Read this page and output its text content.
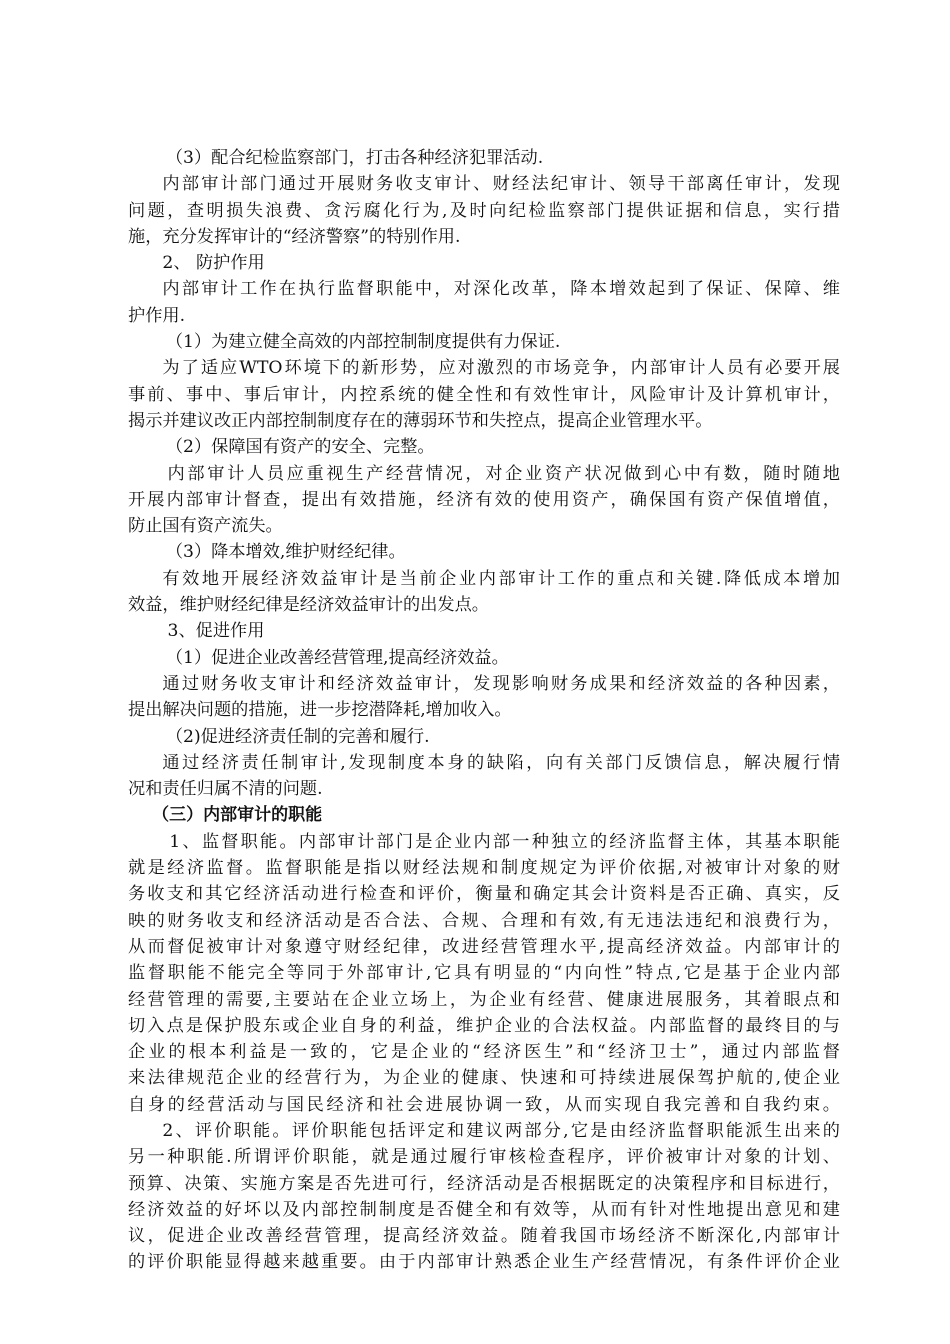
（3）配合纪检监察部门，打击各种经济犯罪活动.
内部审计部门通过开展财务收支审计、财经法纪审计、领导干部离任审计，发现
问题，查明损失浪费、贪污腐化行为,及时向纪检监察部门提供证据和信息，实行措
施，充分发挥审计的“经济警察”的特别作用.
2、 防护作用
内部审计工作在执行监督职能中，对深化改革，降本增效起到了保证、保障、维
护作用.
（1）为建立健全高效的内部控制制度提供有力保证.
为了适应WTO环境下的新形势，应对激烈的市场竞争，内部审计人员有必要开展
事前、事中、事后审计，内控系统的健全性和有效性审计，风险审计及计算机审计，
揭示并建议改正内部控制制度存在的薄弱环节和失控点，提高企业管理水平。
（2）保障国有资产的安全、完整。
内部审计人员应重视生产经营情况，对企业资产状况做到心中有数，随时随地
开展内部审计督查，提出有效措施，经济有效的使用资产，确保国有资产保值增值，
防止国有资产流失。
（3）降本增效,维护财经纪律。
有效地开展经济效益审计是当前企业内部审计工作的重点和关键.降低成本增加
效益，维护财经纪律是经济效益审计的出发点。
3、促进作用
（1）促进企业改善经营管理,提高经济效益。
通过财务收支审计和经济效益审计，发现影响财务成果和经济效益的各种因素，
提出解决问题的措施，进一步挖潜降耗,增加收入。
（2)促进经济责任制的完善和履行.
通过经济责任制审计,发现制度本身的缺陷，向有关部门反馈信息，解决履行情
况和责任归属不清的问题.
（三）内部审计的职能
1、监督职能。内部审计部门是企业内部一种独立的经济监督主体，其基本职能
就是经济监督。监督职能是指以财经法规和制度规定为评价依据,对被审计对象的财
务收支和其它经济活动进行检查和评价，衡量和确定其会计资料是否正确、真实，反
映的财务收支和经济活动是否合法、合规、合理和有效,有无违法违纪和浪费行为，
从而督促被审计对象遵守财经纪律，改进经营管理水平,提高经济效益。内部审计的
监督职能不能完全等同于外部审计,它具有明显的“内向性”特点,它是基于企业内部
经营管理的需要,主要站在企业立场上，为企业有经营、健康进展服务，其着眼点和
切入点是保护股东或企业自身的利益，维护企业的合法权益。内部监督的最终目的与
企业的根本利益是一致的，它是企业的“经济医生”和“经济卫士”，通过内部监督
来法律规范企业的经营行为，为企业的健康、快速和可持续进展保驾护航的,使企业
自身的经营活动与国民经济和社会进展协调一致，从而实现自我完善和自我约束。
2、评价职能。评价职能包括评定和建议两部分,它是由经济监督职能派生出来的
另一种职能.所谓评价职能，就是通过履行审核检查程序，评价被审计对象的计划、
预算、决策、实施方案是否先进可行，经济活动是否根据既定的决策程序和目标进行，
经济效益的好坏以及内部控制制度是否健全和有效等，从而有针对性地提出意见和建
议，促进企业改善经营管理，提高经济效益。随着我国市场经济不断深化,内部审计
的评价职能显得越来越重要。由于内部审计熟悉企业生产经营情况，有条件评价企业
